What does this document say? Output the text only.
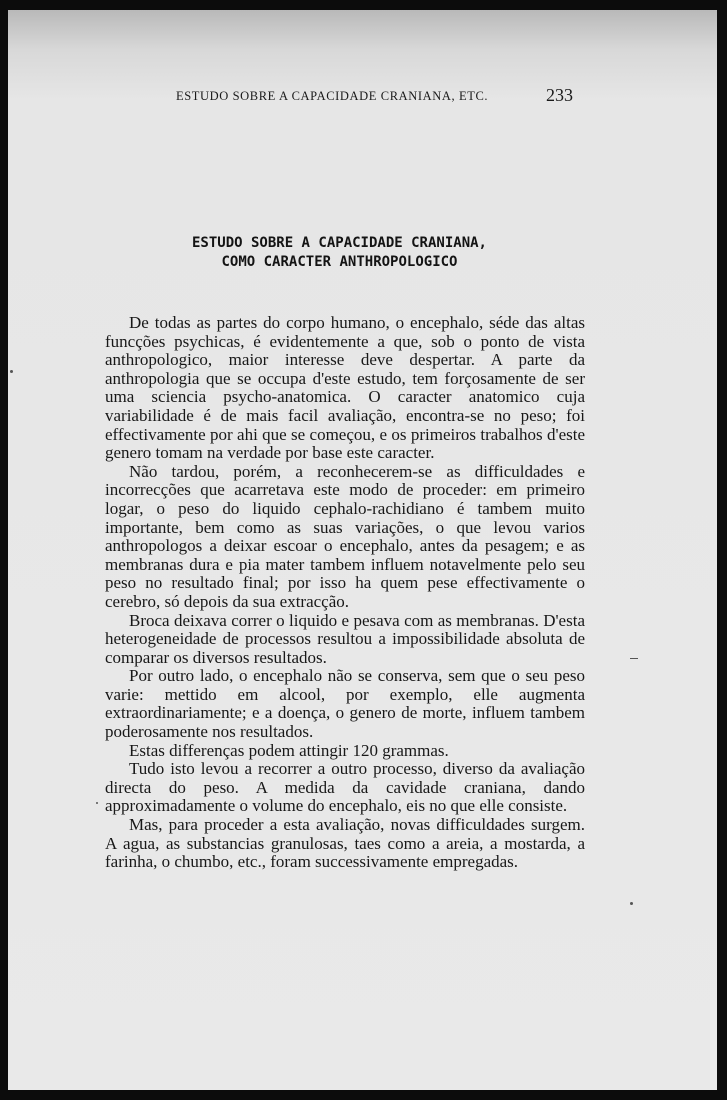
ESTUDO SOBRE A CAPACIDADE CRANIANA, ETC.	233
ESTUDO SOBRE A CAPACIDADE CRANIANA,
COMO CARACTER ANTHROPOLOGICO

De todas as partes do corpo humano, o encephalo, séde das altas funcções psychicas, é evidentemente a que, sob o ponto de vista anthropologico, maior interesse deve despertar. A parte da anthropologia que se occupa d'este estudo, tem forçosamente de ser uma sciencia psycho-anatomica. O caracter anatomico cuja variabilidade é de mais facil avaliação, encontra-se no peso; foi effectivamente por ahi que se começou, e os primeiros trabalhos d'este genero tomam na verdade por base este caracter.

Não tardou, porém, a reconhecerem-se as difficuldades e incorrecções que acarretava este modo de proceder: em primeiro logar, o peso do liquido cephalo-rachidiano é tambem muito importante, bem como as suas variações, o que levou varios anthropologos a deixar escoar o encephalo, antes da pesagem; e as membranas dura e pia mater tambem influem notavelmente pelo seu peso no resultado final; por isso ha quem pese effectivamente o cerebro, só depois da sua extracção.

Broca deixava correr o liquido e pesava com as membranas. D'esta heterogeneidade de processos resultou a impossibilidade absoluta de comparar os diversos resultados.

Por outro lado, o encephalo não se conserva, sem que o seu peso varie: mettido em alcool, por exemplo, elle augmenta extraordinariamente; e a doença, o genero de morte, influem tambem poderosamente nos resultados.

Estas differenças podem attingir 120 grammas.

Tudo isto levou a recorrer a outro processo, diverso da avaliação directa do peso. A medida da cavidade craniana, dando approximadamente o volume do encephalo, eis no que elle consiste.

Mas, para proceder a esta avaliação, novas difficuldades surgem. A agua, as substancias granulosas, taes como a areia, a mostarda, a farinha, o chumbo, etc., foram successivamente empregadas.
